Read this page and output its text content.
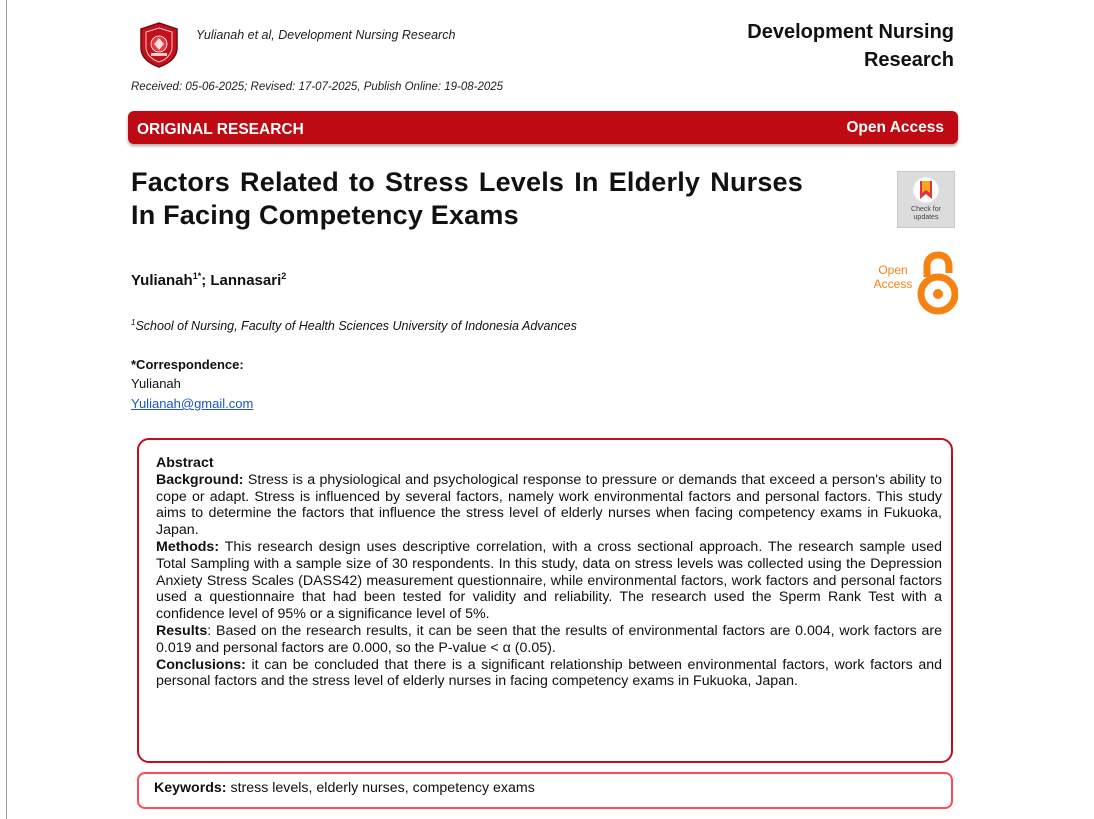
Yulianah et al, Development Nursing Research	Development Nursing Research
Received: 05-06-2025; Revised: 17-07-2025, Publish Online: 19-08-2025
ORIGINAL RESEARCH	Open Access
Factors Related to Stress Levels In Elderly Nurses In Facing Competency Exams	Check for updates
Yulianah$^{1*}$; Lannasari$^2$	Open Access
$^1$School of Nursing, Faculty of Health Sciences University of Indonesia Advances
*Correspondence:
Yulianah
Yulianah@gmail.com

Abstract

Background: Stress is a physiological and psychological response to pressure or demands that exceed a person's ability to cope or adapt. Stress is influenced by several factors, namely work environmental factors and personal factors. This study aims to determine the factors that influence the stress level of elderly nurses when facing competency exams in Fukuoka, Japan.

Methods: This research design uses descriptive correlation, with a cross sectional approach. The research sample used Total Sampling with a sample size of 30 respondents. In this study, data on stress levels was collected using the Depression Anxiety Stress Scales (DASS42) measurement questionnaire, while environmental factors, work factors and personal factors used a questionnaire that had been tested for validity and reliability. The research used the Sperm Rank Test with a confidence level of 95% or a significance level of 5%.

Results: Based on the research results, it can be seen that the results of environmental factors are 0.004, work factors are 0.019 and personal factors are 0.000, so the P-value < α (0.05).

Conclusions: it can be concluded that there is a significant relationship between environmental factors, work factors and personal factors and the stress level of elderly nurses in facing competency exams in Fukuoka, Japan.

Keywords: stress levels, elderly nurses, competency exams
